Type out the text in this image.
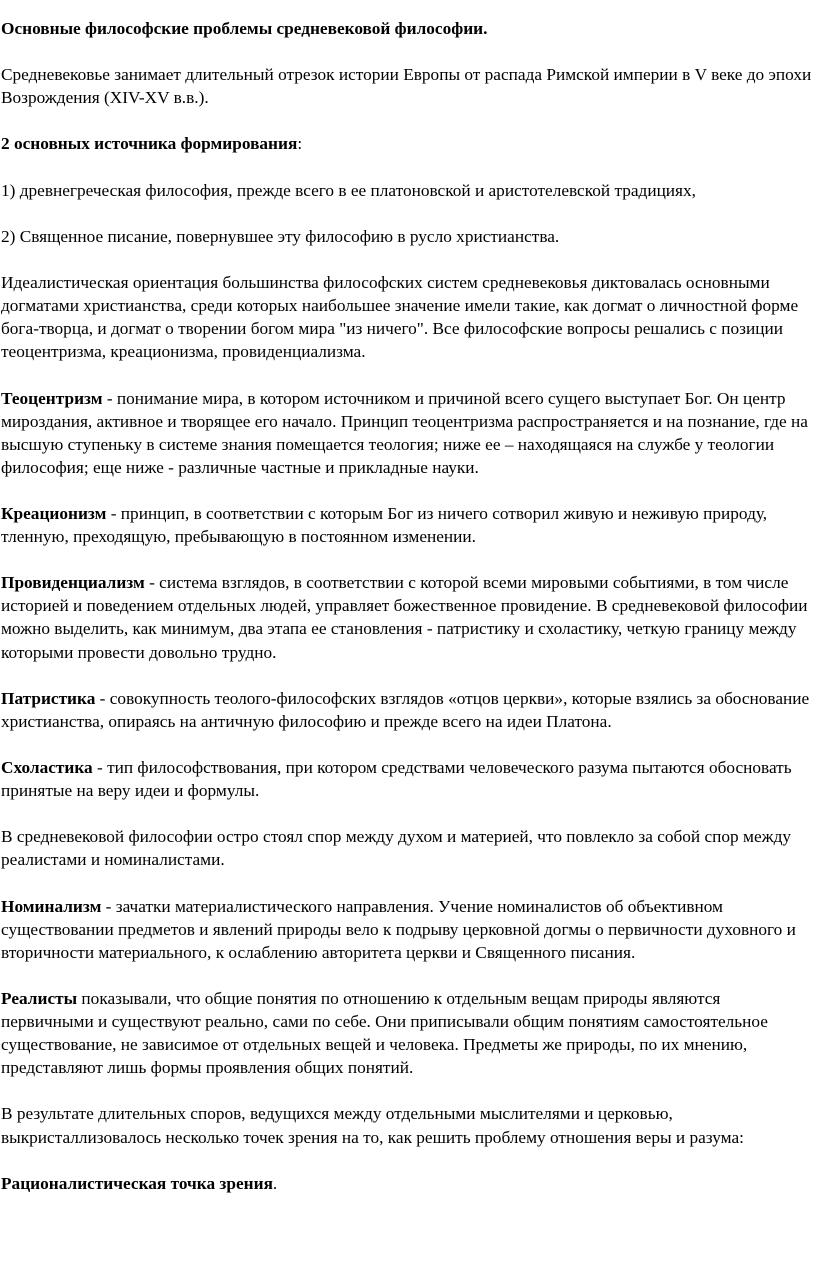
Основные философские проблемы средневековой философии.

Средневековье занимает длительный отрезок истории Европы от распада Римской империи в V веке до эпохи Возрождения (XIV-XV в.в.).

2 основных источника формирования:

1) древнегреческая философия, прежде всего в ее платоновской и аристотелевской традициях,

2) Священное писание, повернувшее эту философию в русло христианства.

Идеалистическая ориентация большинства философских систем средневековья диктовалась основными догматами христианства, среди которых наибольшее значение имели такие, как догмат о личностной форме бога-творца, и догмат о творении богом мира "из ничего". Все философские вопросы решались с позиции теоцентризма, креационизма, провиденциализма.

Теоцентризм - понимание мира, в котором источником и причиной всего сущего выступает Бог. Он центр мироздания, активное и творящее его начало. Принцип теоцентризма распространяется и на познание, где на высшую ступеньку в системе знания помещается теология; ниже ее – находящаяся на службе у теологии философия; еще ниже - различные частные и прикладные науки.

Креационизм - принцип, в соответствии с которым Бог из ничего сотворил живую и неживую природу, тленную, преходящую, пребывающую в постоянном изменении.

Провиденциализм - система взглядов, в соответствии с которой всеми мировыми событиями, в том числе историей и поведением отдельных людей, управляет божественное провидение. В средневековой философии можно выделить, как минимум, два этапа ее становления - патристику и схоластику, четкую границу между которыми провести довольно трудно.

Патристика - совокупность теолого-философских взглядов «отцов церкви», которые взялись за обоснование христианства, опираясь на античную философию и прежде всего на идеи Платона.

Схоластика - тип философствования, при котором средствами человеческого разума пытаются обосновать принятые на веру идеи и формулы.

В средневековой философии остро стоял спор между духом и материей, что повлекло за собой спор между реалистами и номиналистами.

Номинализм - зачатки материалистического направления. Учение номиналистов об объективном существовании предметов и явлений природы вело к подрыву церковной догмы о первичности духовного и вторичности материального, к ослаблению авторитета церкви и Священного писания.

Реалисты показывали, что общие понятия по отношению к отдельным вещам природы являются первичными и существуют реально, сами по себе. Они приписывали общим понятиям самостоятельное существование, не зависимое от отдельных вещей и человека. Предметы же природы, по их мнению, представляют лишь формы проявления общих понятий.

В результате длительных споров, ведущихся между отдельными мыслителями и церковью, выкристаллизовалось несколько точек зрения на то, как решить проблему отношения веры и разума:

Рационалистическая точка зрения.
